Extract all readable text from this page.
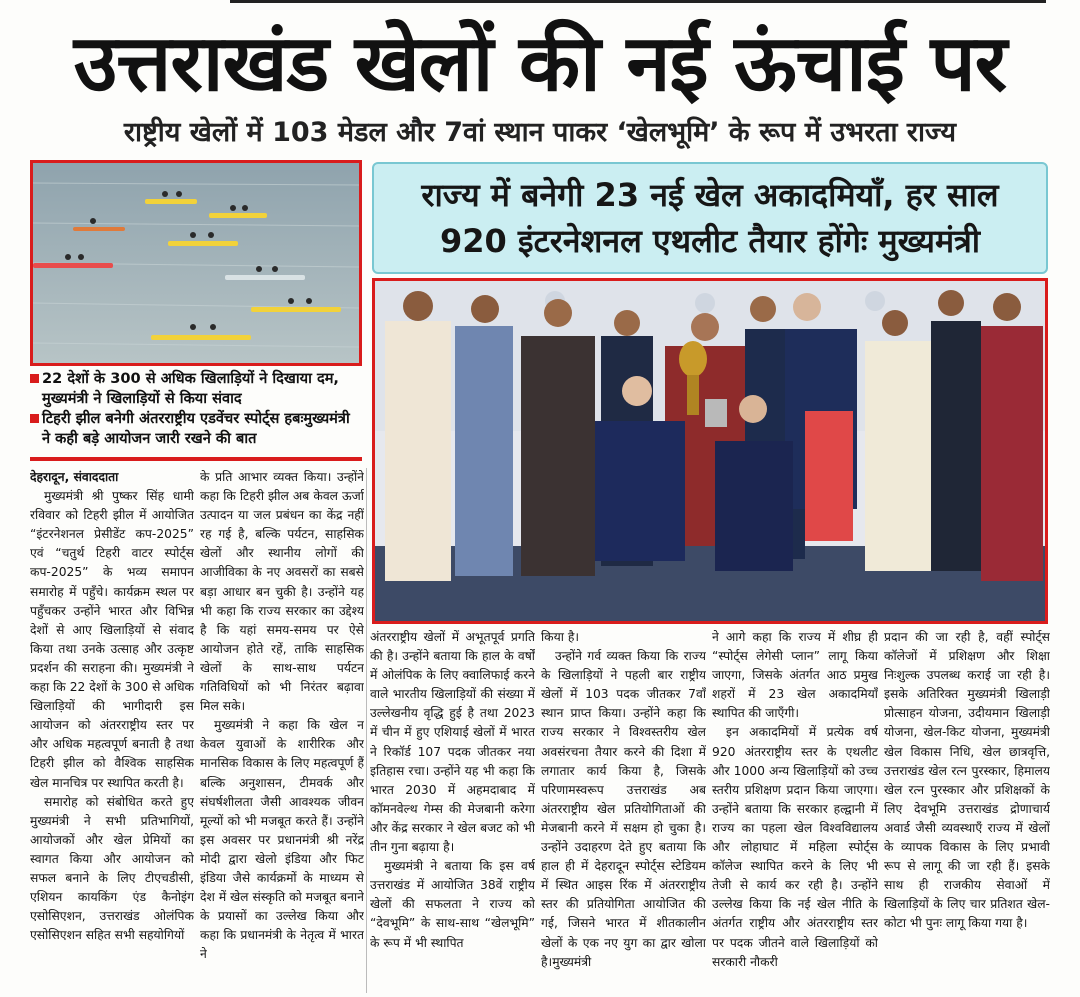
उत्तराखंड खेलों की नई ऊंचाई पर
राष्ट्रीय खेलों में 103 मेडल और 7वां स्थान पाकर ‘खेलभूमि’ के रूप में उभरता राज्य
22 देशों के 300 से अधिक खिलाड़ियों ने दिखाया दम, मुख्यमंत्री ने खिलाड़ियों से किया संवाद
टिहरी झील बनेगी अंतरराष्ट्रीय एडवेंचर स्पोर्ट्स हबःमुख्यमंत्री ने कही बड़े आयोजन जारी रखने की बात
राज्य में बनेगी 23 नई खेल अकादमियाँ, हर साल
920 इंटरनेशनल एथलीट तैयार होंगेः मुख्यमंत्री

देहरादून, संवाददाता

मुख्यमंत्री श्री पुष्कर सिंह धामी रविवार को टिहरी झील में आयोजित “इंटरनेशनल प्रेसीडेंट कप-2025” एवं “चतुर्थ टिहरी वाटर स्पोर्ट्स कप-2025” के भव्य समापन समारोह में पहुँचे। कार्यक्रम स्थल पर पहुँचकर उन्होंने भारत और विभिन्न देशों से आए खिलाड़ियों से संवाद किया तथा उनके उत्साह और उत्कृष्ट प्रदर्शन की सराहना की। मुख्यमंत्री ने कहा कि 22 देशों के 300 से अधिक खिलाड़ियों की भागीदारी इस आयोजन को अंतरराष्ट्रीय स्तर पर और अधिक महत्वपूर्ण बनाती है तथा टिहरी झील को वैश्विक साहसिक खेल मानचित्र पर स्थापित करती है।

समारोह को संबोधित करते हुए मुख्यमंत्री ने सभी प्रतिभागियों, आयोजकों और खेल प्रेमियों का स्वागत किया और आयोजन को सफल बनाने के लिए टीएचडीसी, एशियन कायकिंग एंड कैनोइंग एसोसिएशन, उत्तराखंड ओलंपिक एसोसिएशन सहित सभी सहयोगियों

के प्रति आभार व्यक्त किया। उन्होंने कहा कि टिहरी झील अब केवल ऊर्जा उत्पादन या जल प्रबंधन का केंद्र नहीं रह गई है, बल्कि पर्यटन, साहसिक खेलों और स्थानीय लोगों की आजीविका के नए अवसरों का सबसे बड़ा आधार बन चुकी है। उन्होंने यह भी कहा कि राज्य सरकार का उद्देश्य है कि यहां समय-समय पर ऐसे आयोजन होते रहें, ताकि साहसिक खेलों के साथ-साथ पर्यटन गतिविधियों को भी निरंतर बढ़ावा मिल सके।

मुख्यमंत्री ने कहा कि खेल न केवल युवाओं के शारीरिक और मानसिक विकास के लिए महत्वपूर्ण हैं बल्कि अनुशासन, टीमवर्क और संघर्षशीलता जैसी आवश्यक जीवन मूल्यों को भी मजबूत करते हैं। उन्होंने इस अवसर पर प्रधानमंत्री श्री नरेंद्र मोदी द्वारा खेलो इंडिया और फिट इंडिया जैसे कार्यक्रमों के माध्यम से देश में खेल संस्कृति को मजबूत बनाने के प्रयासों का उल्लेख किया और कहा कि प्रधानमंत्री के नेतृत्व में भारत ने

अंतरराष्ट्रीय खेलों में अभूतपूर्व प्रगति की है। उन्होंने बताया कि हाल के वर्षों में ओलंपिक के लिए क्वालिफाई करने वाले भारतीय खिलाड़ियों की संख्या में उल्लेखनीय वृद्धि हुई है तथा 2023 में चीन में हुए एशियाई खेलों में भारत ने रिकॉर्ड 107 पदक जीतकर नया इतिहास रचा। उन्होंने यह भी कहा कि भारत 2030 में अहमदाबाद में कॉमनवेल्थ गेम्स की मेजबानी करेगा और केंद्र सरकार ने खेल बजट को भी तीन गुना बढ़ाया है।

मुख्यमंत्री ने बताया कि इस वर्ष उत्तराखंड में आयोजित 38वें राष्ट्रीय खेलों की सफलता ने राज्य को “देवभूमि” के साथ-साथ “खेलभूमि” के रूप में भी स्थापित

किया है।

उन्होंने गर्व व्यक्त किया कि राज्य के खिलाड़ियों ने पहली बार राष्ट्रीय खेलों में 103 पदक जीतकर 7वाँ स्थान प्राप्त किया। उन्होंने कहा कि राज्य सरकार ने विश्वस्तरीय खेल अवसंरचना तैयार करने की दिशा में लगातार कार्य किया है, जिसके परिणामस्वरूप उत्तराखंड अब अंतरराष्ट्रीय खेल प्रतियोगिताओं की मेजबानी करने में सक्षम हो चुका है। उन्होंने उदाहरण देते हुए बताया कि हाल ही में देहरादून स्पोर्ट्स स्टेडियम में स्थित आइस रिंक में अंतरराष्ट्रीय स्तर की प्रतियोगिता आयोजित की गई, जिसने भारत में शीतकालीन खेलों के एक नए युग का द्वार खोला है।मुख्यमंत्री

ने आगे कहा कि राज्य में शीघ्र ही “स्पोर्ट्स लेगेसी प्लान” लागू किया जाएगा, जिसके अंतर्गत आठ प्रमुख शहरों में 23 खेल अकादमियाँ स्थापित की जाएँगी।

इन अकादमियों में प्रत्येक वर्ष 920 अंतरराष्ट्रीय स्तर के एथलीट और 1000 अन्य खिलाड़ियों को उच्च स्तरीय प्रशिक्षण प्रदान किया जाएगा। उन्होंने बताया कि सरकार हल्द्वानी में राज्य का पहला खेल विश्वविद्यालय और लोहाघाट में महिला स्पोर्ट्स कॉलेज स्थापित करने के लिए भी तेजी से कार्य कर रही है। उन्होंने उल्लेख किया कि नई खेल नीति के अंतर्गत राष्ट्रीय और अंतरराष्ट्रीय स्तर पर पदक जीतने वाले खिलाड़ियों को सरकारी नौकरी

प्रदान की जा रही है, वहीं स्पोर्ट्स कॉलेजों में प्रशिक्षण और शिक्षा निःशुल्क उपलब्ध कराई जा रही है। इसके अतिरिक्त मुख्यमंत्री खिलाड़ी प्रोत्साहन योजना, उदीयमान खिलाड़ी योजना, खेल-किट योजना, मुख्यमंत्री खेल विकास निधि, खेल छात्रवृत्ति, उत्तराखंड खेल रत्न पुरस्कार, हिमालय खेल रत्न पुरस्कार और प्रशिक्षकों के लिए देवभूमि उत्तराखंड द्रोणाचार्य अवार्ड जैसी व्यवस्थाएँ राज्य में खेलों के व्यापक विकास के लिए प्रभावी रूप से लागू की जा रही हैं। इसके साथ ही राजकीय सेवाओं में खिलाड़ियों के लिए चार प्रतिशत खेल-कोटा भी पुनः लागू किया गया है।
